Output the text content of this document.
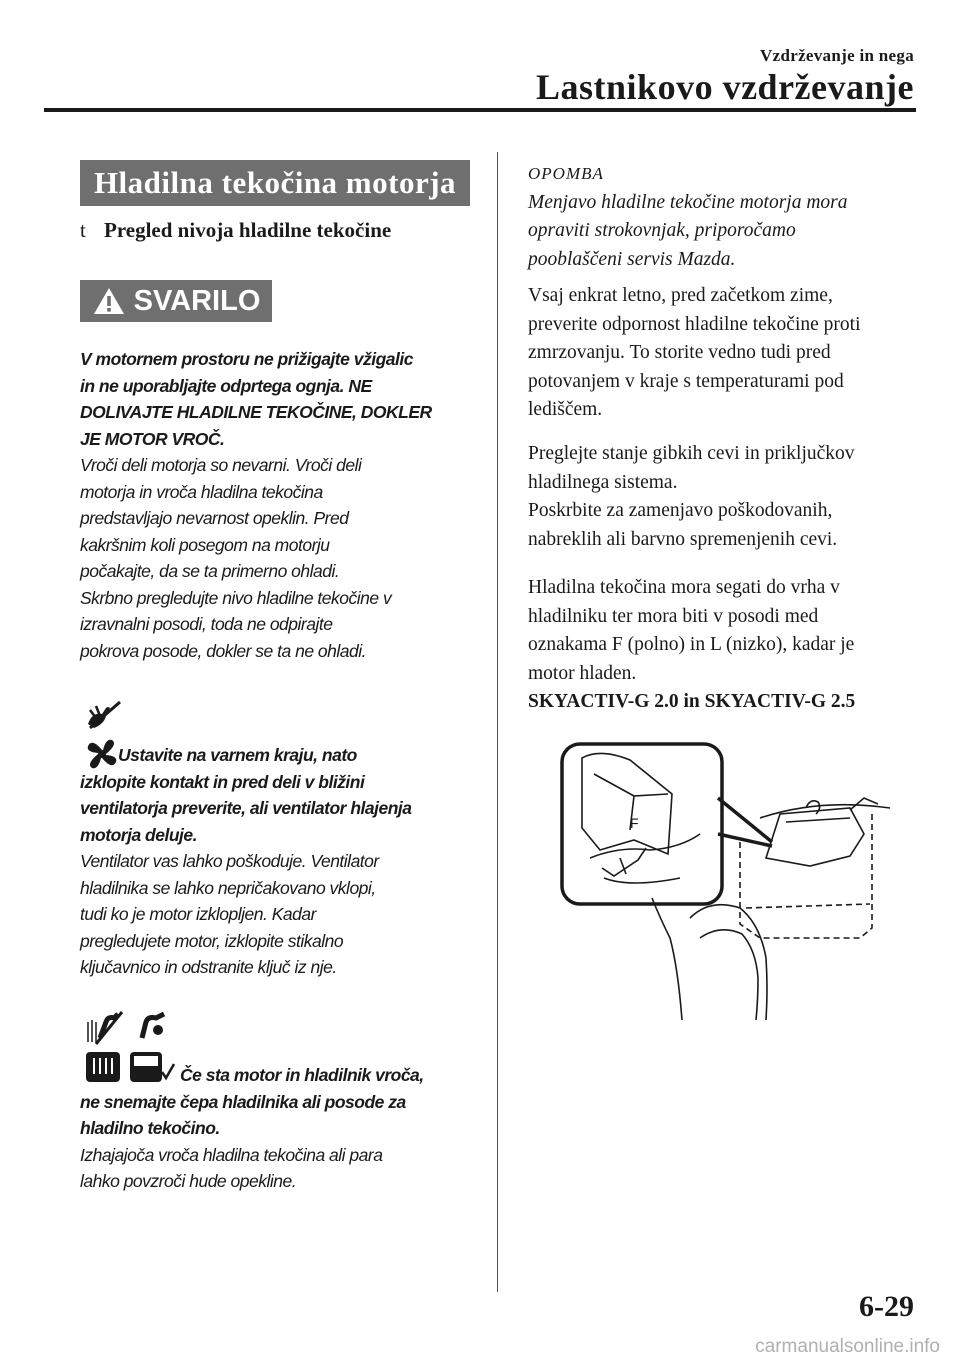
Vzdrževanje in nega
Lastnikovo vzdrževanje
Hladilna tekočina motorja
t Pregled nivoja hladilne tekočine
SVARILO

V motornem prostoru ne prižigajte vžigalic

in ne uporabljajte odprtega ognja. NE

DOLIVAJTE HLADILNE TEKOČINE, DOKLER

JE MOTOR VROČ.

Vroči deli motorja so nevarni. Vroči deli

motorja in vroča hladilna tekočina

predstavljajo nevarnost opeklin. Pred

kakršnim koli posegom na motorju

počakajte, da se ta primerno ohladi.

Skrbno pregledujte nivo hladilne tekočine v

izravnalni posodi, toda ne odpirajte

pokrova posode, dokler se ta ne ohladi.

Ustavite na varnem kraju, nato

izklopite kontakt in pred deli v bližini

ventilatorja preverite, ali ventilator hlajenja

motorja deluje.

Ventilator vas lahko poškoduje. Ventilator

hladilnika se lahko nepričakovano vklopi,

tudi ko je motor izklopljen. Kadar

pregledujete motor, izklopite stikalno

ključavnico in odstranite ključ iz nje.

Če sta motor in hladilnik vroča,

ne snemajte čepa hladilnika ali posode za

hladilno tekočino.

Izhajajoča vroča hladilna tekočina ali para

lahko povzroči hude opekline.

OPOMBA

Menjavo hladilne tekočine motorja mora

opraviti strokovnjak, priporočamo

pooblaščeni servis Mazda.

Vsaj enkrat letno, pred začetkom zime,

preverite odpornost hladilne tekočine proti

zmrzovanju. To storite vedno tudi pred

potovanjem v kraje s temperaturami pod

lediščem.

Preglejte stanje gibkih cevi in priključkov

hladilnega sistema.

Poskrbite za zamenjavo poškodovanih,

nabreklih ali barvno spremenjenih cevi.

Hladilna tekočina mora segati do vrha v

hladilniku ter mora biti v posodi med

oznakama F (polno) in L (nizko), kadar je

motor hladen.

SKYACTIV-G 2.0 in SKYACTIV-G 2.5

F
6-29
carmanualsonline.info
